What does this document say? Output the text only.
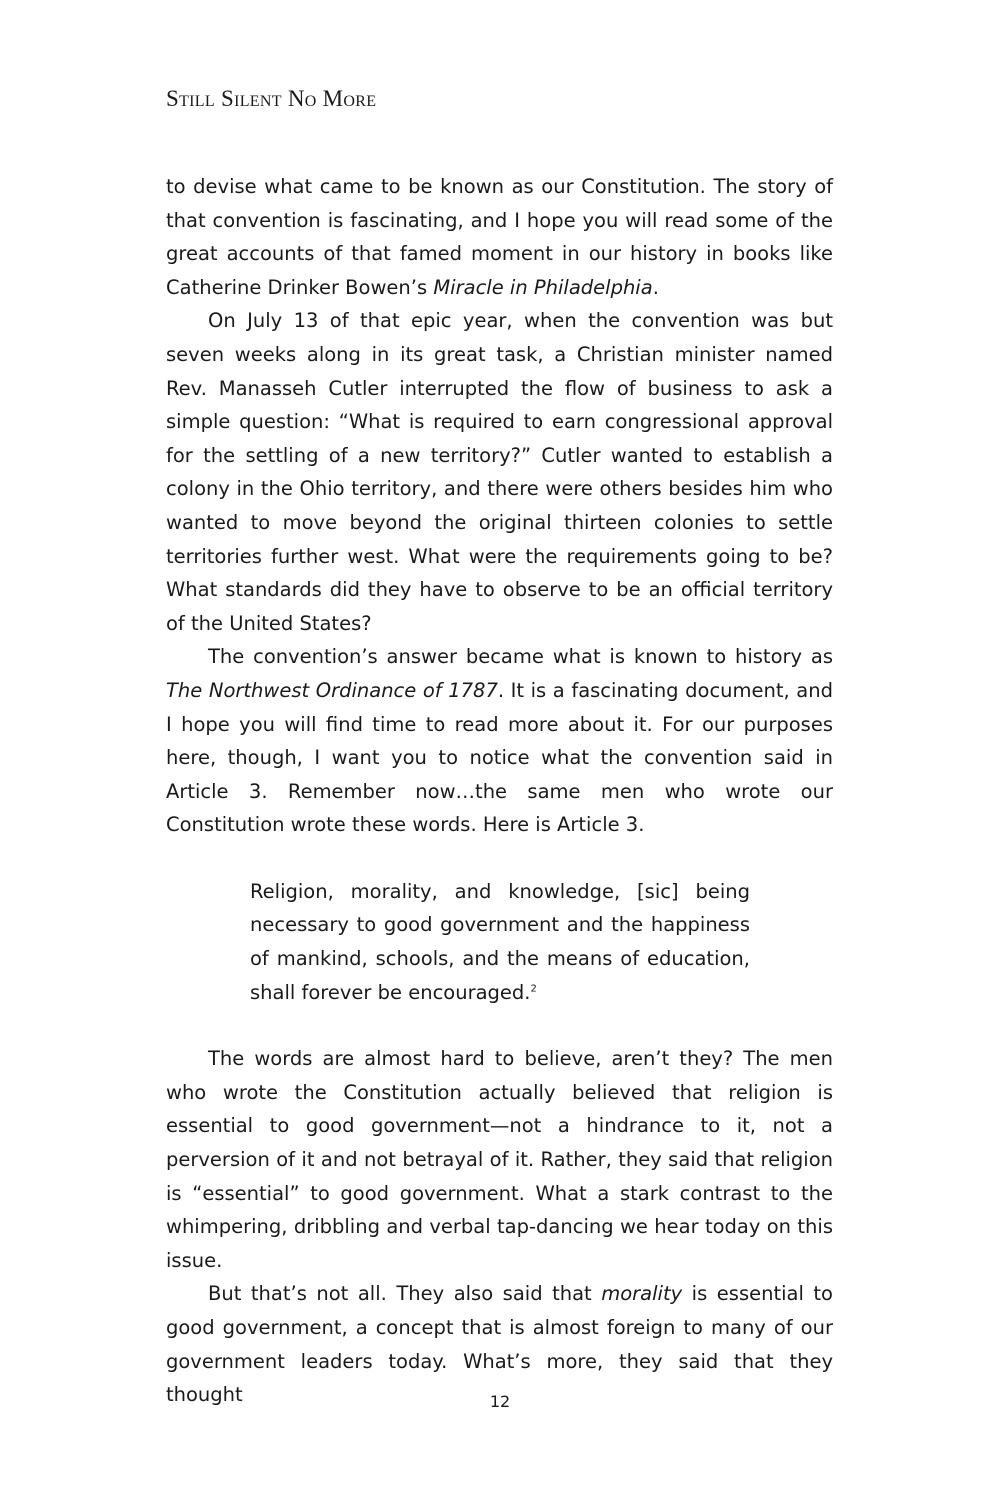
Still Silent No More

to devise what came to be known as our Constitution. The story of that convention is fascinating, and I hope you will read some of the great accounts of that famed moment in our history in books like Catherine Drinker Bowen’s Miracle in Philadelphia.

On July 13 of that epic year, when the convention was but seven weeks along in its great task, a Christian minister named Rev. Manasseh Cutler interrupted the flow of business to ask a simple question: “What is required to earn congressional approval for the settling of a new territory?” Cutler wanted to establish a colony in the Ohio territory, and there were others besides him who wanted to move beyond the original thirteen colonies to settle territories further west. What were the requirements going to be? What standards did they have to observe to be an official territory of the United States?

The convention’s answer became what is known to history as The Northwest Ordinance of 1787. It is a fascinating document, and I hope you will find time to read more about it. For our purposes here, though, I want you to notice what the convention said in Article 3. Remember now…the same men who wrote our Constitution wrote these words. Here is Article 3.

Religion, morality, and knowledge, [sic] being necessary to good government and the happiness of mankind, schools, and the means of education, shall forever be encouraged.$^2$

The words are almost hard to believe, aren’t they? The men who wrote the Constitution actually believed that religion is essential to good government—not a hindrance to it, not a perversion of it and not betrayal of it. Rather, they said that religion is “essential” to good government. What a stark contrast to the whimpering, dribbling and verbal tap-dancing we hear today on this issue.

But that’s not all. They also said that morality is essential to good government, a concept that is almost foreign to many of our government leaders today. What’s more, they said that they thought	12
